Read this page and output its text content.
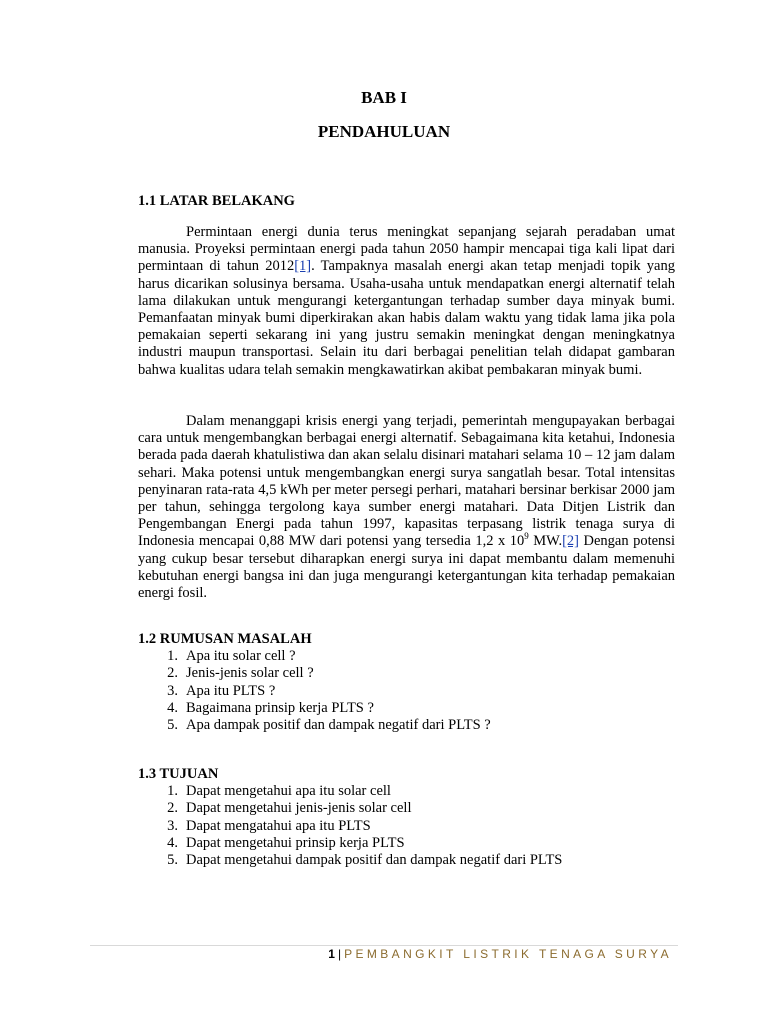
BAB I
PENDAHULUAN

1.1 LATAR BELAKANG

Permintaan energi dunia terus meningkat sepanjang sejarah peradaban umat manusia. Proyeksi permintaan energi pada tahun 2050 hampir mencapai tiga kali lipat dari permintaan di tahun 2012[1]. Tampaknya masalah energi akan tetap menjadi topik yang harus dicarikan solusinya bersama. Usaha-usaha untuk mendapatkan energi alternatif telah lama dilakukan untuk mengurangi ketergantungan terhadap sumber daya minyak bumi. Pemanfaatan minyak bumi diperkirakan akan habis dalam waktu yang tidak lama jika pola pemakaian seperti sekarang ini yang justru semakin meningkat dengan meningkatnya industri maupun transportasi. Selain itu dari berbagai penelitian telah didapat gambaran bahwa kualitas udara telah semakin mengkawatirkan akibat pembakaran minyak bumi.

Dalam menanggapi krisis energi yang terjadi, pemerintah mengupayakan berbagai cara untuk mengembangkan berbagai energi alternatif. Sebagaimana kita ketahui, Indonesia berada pada daerah khatulistiwa dan akan selalu disinari matahari selama 10 – 12 jam dalam sehari. Maka potensi untuk mengembangkan energi surya sangatlah besar. Total intensitas penyinaran rata-rata 4,5 kWh per meter persegi perhari, matahari bersinar berkisar 2000 jam per tahun, sehingga tergolong kaya sumber energi matahari. Data Ditjen Listrik dan Pengembangan Energi pada tahun 1997, kapasitas terpasang listrik tenaga surya di Indonesia mencapai 0,88 MW dari potensi yang tersedia 1,2 x $10^9$ MW.[2] Dengan potensi yang cukup besar tersebut diharapkan energi surya ini dapat membantu dalam memenuhi kebutuhan energi bangsa ini dan juga mengurangi ketergantungan kita terhadap pemakaian energi fosil.

1.2 RUMUSAN MASALAH

1. Apa itu solar cell ?
2. Jenis-jenis solar cell ?
3. Apa itu PLTS ?
4. Bagaimana prinsip kerja PLTS ?
5. Apa dampak positif dan dampak negatif dari PLTS ?

1.3 TUJUAN

1. Dapat mengetahui apa itu solar cell
2. Dapat mengetahui jenis-jenis solar cell
3. Dapat mengatahui apa itu PLTS
4. Dapat mengetahui prinsip kerja PLTS
5. Dapat mengetahui dampak positif dan dampak negatif dari PLTS
1 | PEMBANGKIT LISTRIK TENAGA SURYA
